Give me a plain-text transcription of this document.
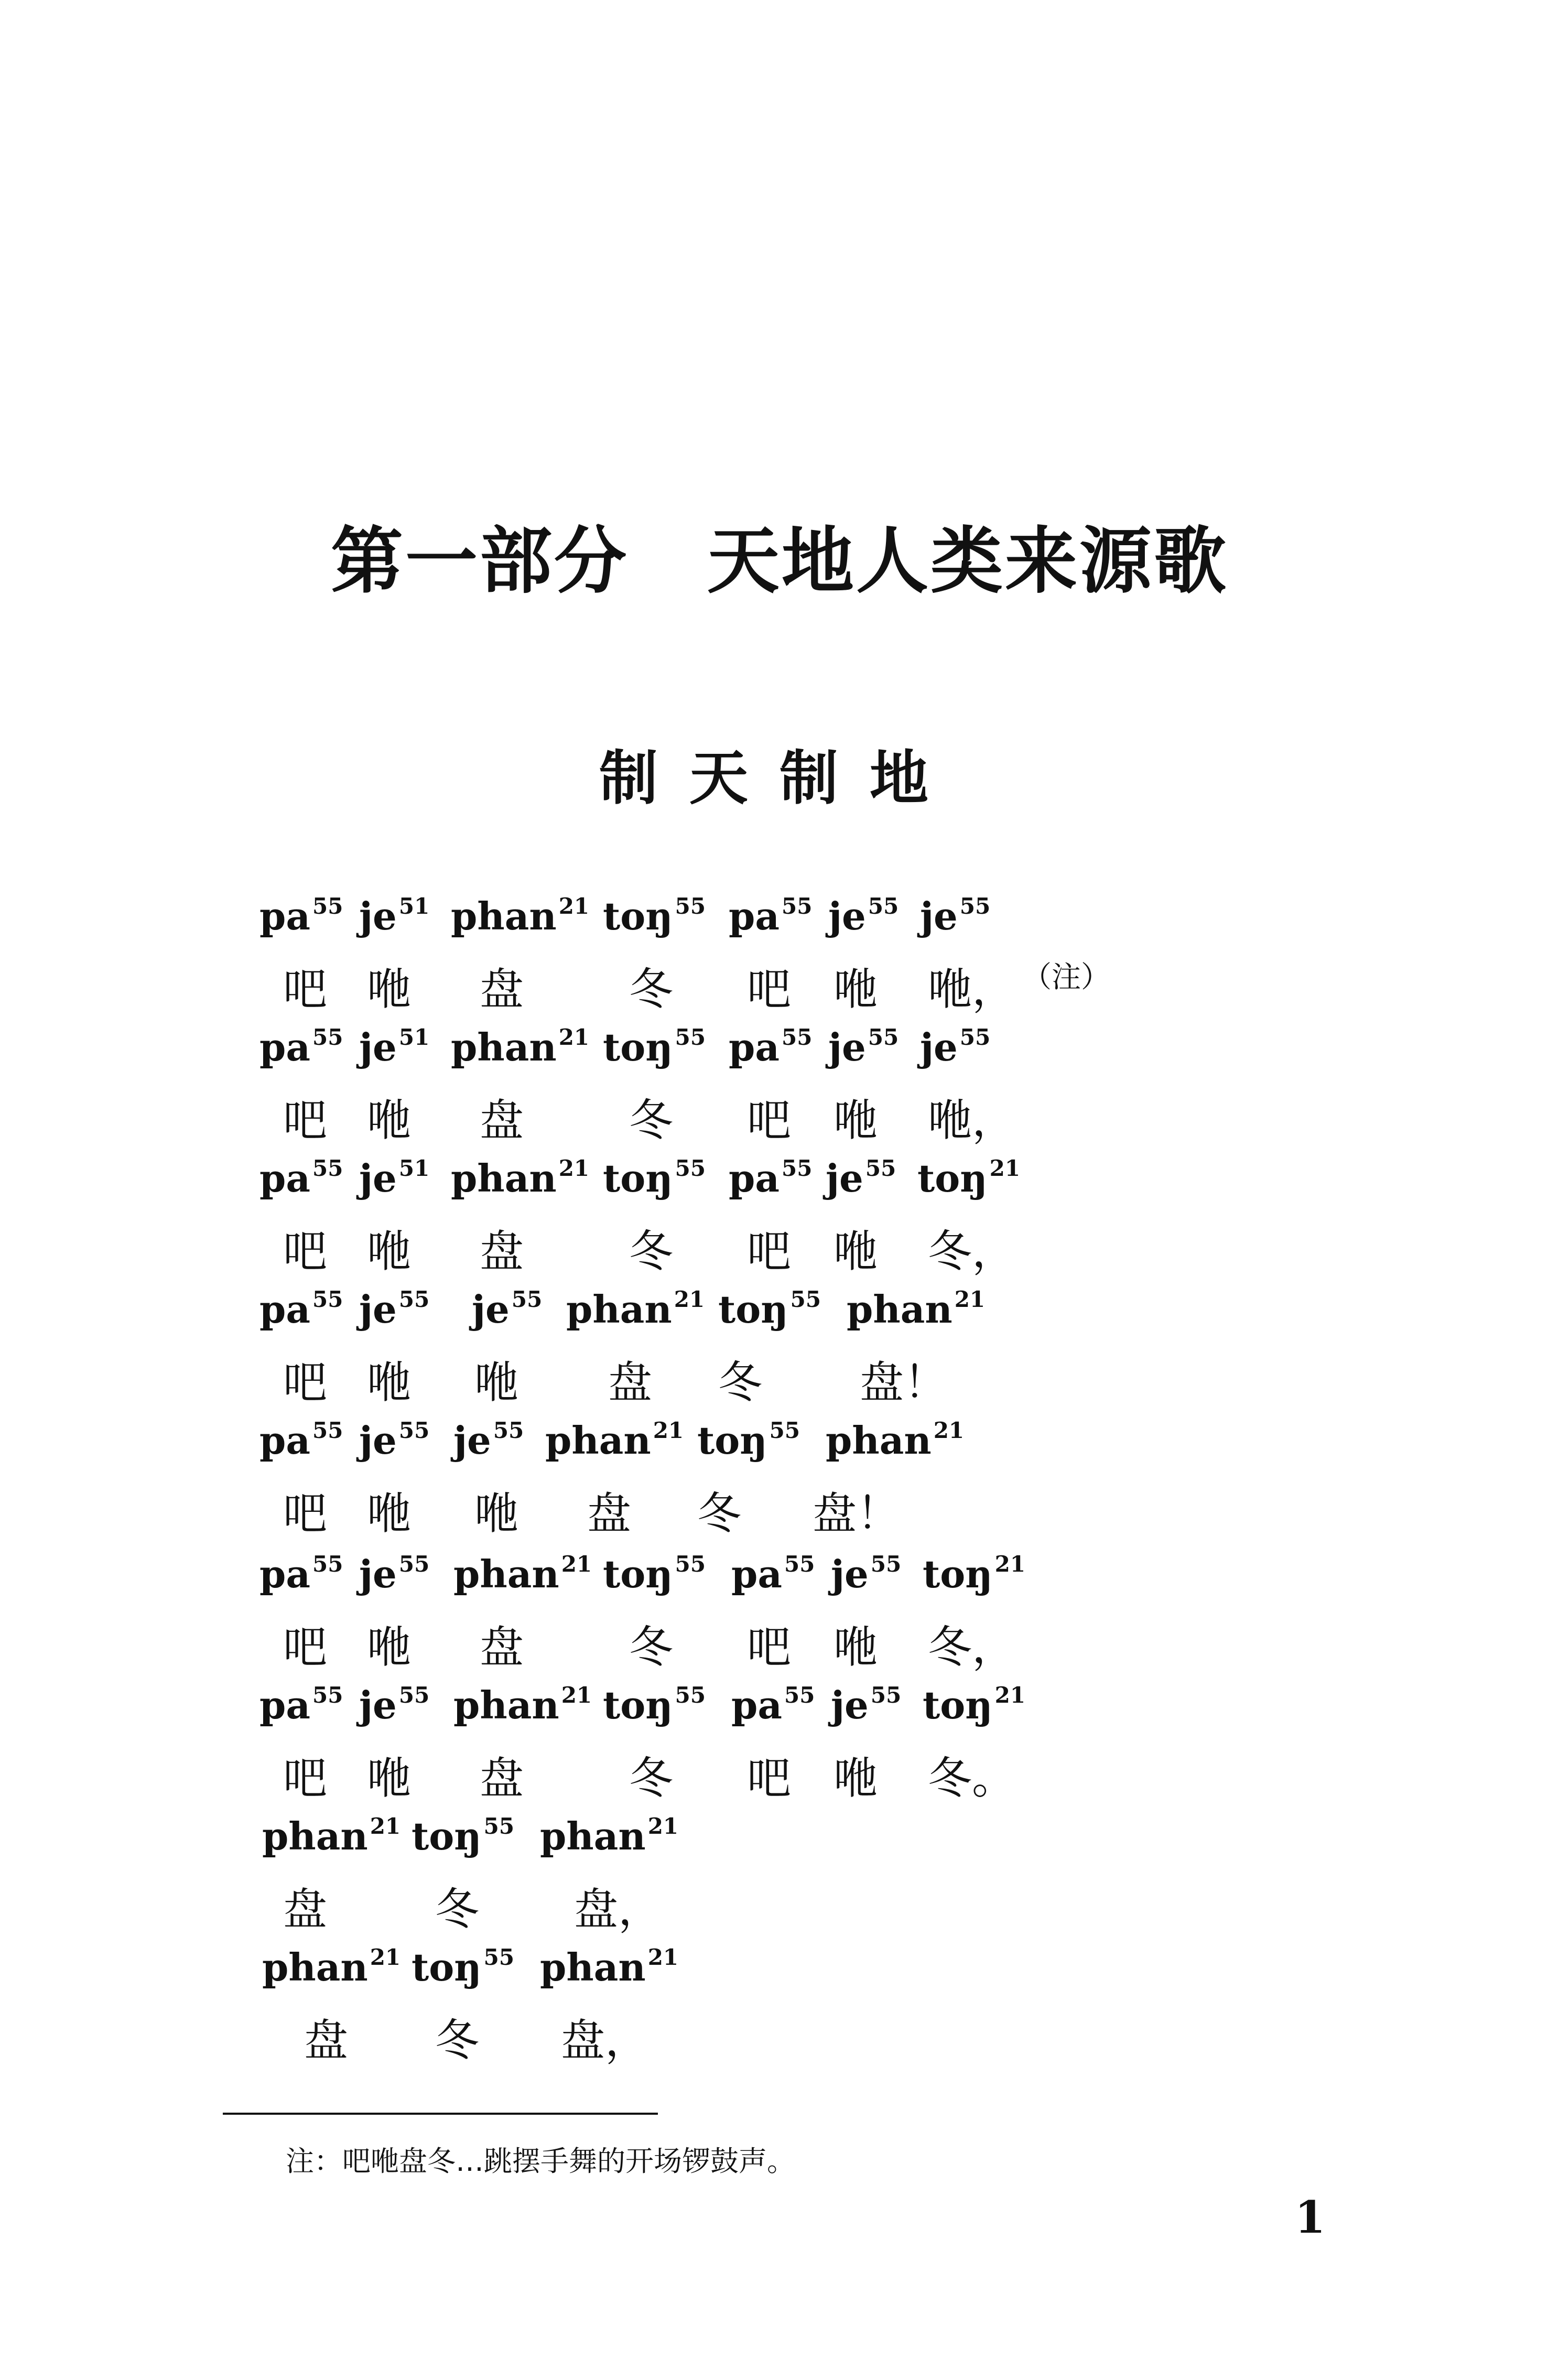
第一部分 天地人类来源歌
制天制地
$pa^{55}$ $je^{51}$ phan$^{21}$ toŋ$^{55}$ $pa^{55}$ $je^{55}$ $je^{55}$
吧 咃 盘 冬 吧 咃 咃， （注）
$pa^{55}$ $je^{51}$ phan$^{21}$ toŋ$^{55}$ $pa^{55}$ $je^{55}$ $je^{55}$
吧 咃 盘 冬 吧 咃 咃，
$pa^{55}$ $je^{51}$ phan$^{21}$ toŋ$^{55}$ $pa^{55}$ $je^{55}$ toŋ$^{21}$
吧 咃 盘 冬 吧 咃 冬，
$pa^{55}$ $je^{55}$ $je^{55}$ phan$^{21}$ toŋ$^{55}$ phan$^{21}$
吧 咃 咃 盘 冬 盘！
$pa^{55}$ $je^{55}$ $je^{55}$ phan$^{21}$ toŋ$^{55}$ phan$^{21}$
吧 咃 咃 盘 冬 盘！
$pa^{55}$ $je^{55}$ phan$^{21}$ toŋ$^{55}$ $pa^{55}$ $je^{55}$ toŋ$^{21}$
吧 咃 盘 冬 吧 咃 冬，
$pa^{55}$ $je^{55}$ phan$^{21}$ toŋ$^{55}$ $pa^{55}$ $je^{55}$ toŋ$^{21}$
吧 咃 盘 冬 吧 咃 冬。
phan$^{21}$ toŋ$^{55}$ phan$^{21}$
盘 冬 盘，
phan$^{21}$ toŋ$^{55}$ phan$^{21}$
盘 冬 盘，
注：吧咃盘冬…跳摆手舞的开场锣鼓声。
1
